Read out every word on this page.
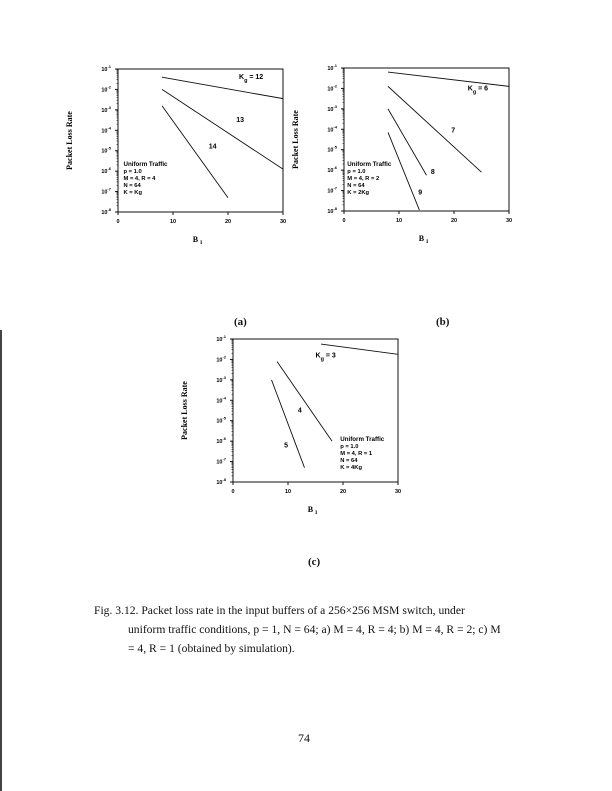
$10^{-1}$
$10^{-2}$
$10^{-3}$
$10^{-4}$
$10^{-5}$
$10^{-6}$
$10^{-7}$
$10^{-8}$
0	10	20	30
Packet Loss Rate
B $_I$
$K_g = 12$
13
14
Uniform Traffic
p = 1.0
M = 4, R = 4
N = 64
K = Kg
$10^{-1}$
$10^{-2}$
$10^{-3}$
$10^{-4}$
$10^{-5}$
$10^{-6}$
$10^{-7}$
$10^{-8}$
0	10	20	30
Packet Loss Rate
B $_I$
$K_g = 6$
7
8
9
Uniform Traffic
p = 1.0
M = 4, R = 2
N = 64
K = 2Kg
$10^{-1}$
$10^{-2}$
$10^{-3}$
$10^{-4}$
$10^{-5}$
$10^{-6}$
$10^{-7}$
$10^{-8}$
0	10	20	30
Packet Loss Rate
B $_I$
$K_g = 3$
4
5
Uniform Traffic
p = 1.0
M = 4, R = 1
N = 64
K = 4Kg
(a)	(b)
(c)
Fig. 3.12. Packet loss rate in the input buffers of a 256×256 MSM switch, under
uniform traffic conditions, p = 1, N = 64; a) M = 4, R = 4; b) M = 4, R = 2; c) M
= 4, R = 1 (obtained by simulation).
74
